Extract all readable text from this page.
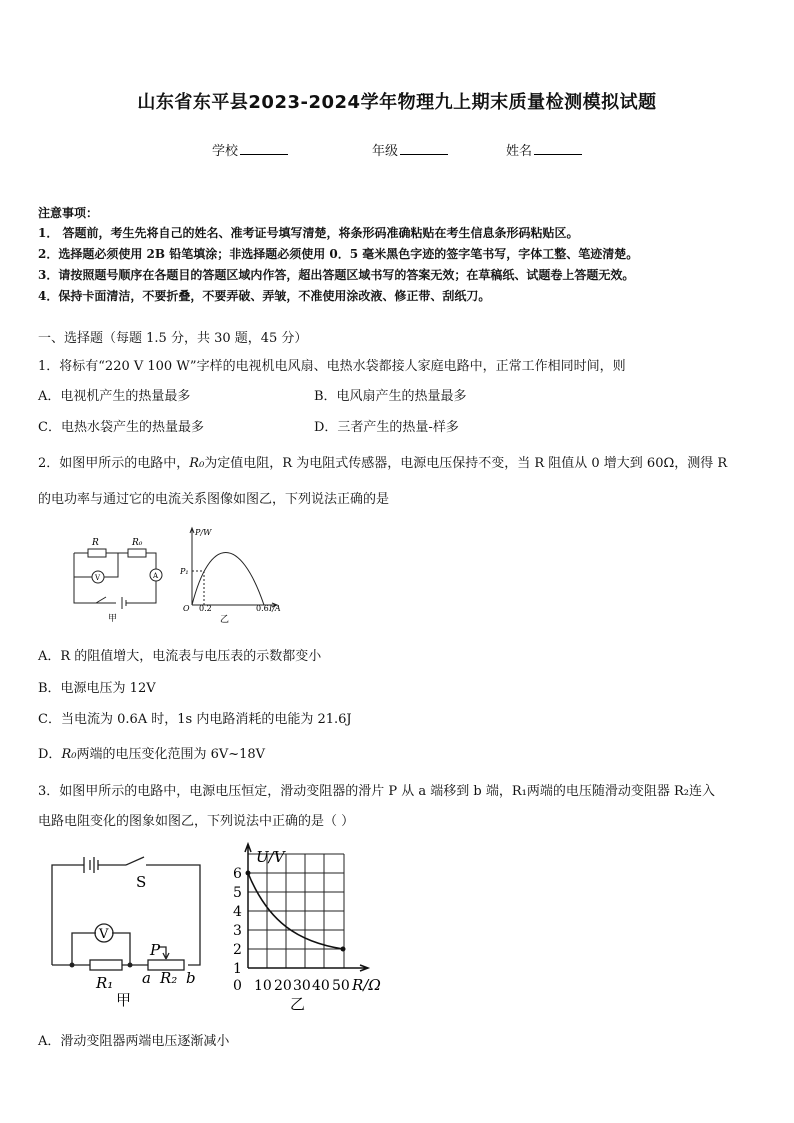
山东省东平县2023-2024学年物理九上期末质量检测模拟试题
学校	年级	姓名
注意事项：
1． 答题前，考生先将自己的姓名、准考证号填写清楚，将条形码准确粘贴在考生信息条形码粘贴区。
2．选择题必须使用 2B 铅笔填涂；非选择题必须使用 0．5 毫米黑色字迹的签字笔书写，字体工整、笔迹清楚。
3．请按照题号顺序在各题目的答题区域内作答，超出答题区域书写的答案无效；在草稿纸、试题卷上答题无效。
4．保持卡面清洁，不要折叠，不要弄破、弄皱，不准使用涂改液、修正带、刮纸刀。
一、选择题（每题 1.5 分，共 30 题，45 分）
1．将标有“220 V 100 W”字样的电视机电风扇、电热水袋都接人家庭电路中，正常工作相同时间，则
A．电视机产生的热量最多	B．电风扇产生的热量最多
C．电热水袋产生的热量最多	D．三者产生的热量-样多
2．如图甲所示的电路中，R₀为定值电阻，R 为电阻式传感器，电源电压保持不变，当 R 阻值从 0 增大到 60Ω，测得 R
的电功率与通过它的电流关系图像如图乙，下列说法正确的是
R	R₀
V	A
甲
P/W
P₁
O 0.2	0.6 I/A
乙
A．R 的阻值增大，电流表与电压表的示数都变小
B．电源电压为 12V
C．当电流为 0.6A 时，1s 内电路消耗的电能为 21.6J
D．R₀两端的电压变化范围为 6V~18V
3．如图甲所示的电路中，电源电压恒定，滑动变阻器的滑片 P 从 a 端移到 b 端，R₁两端的电压随滑动变阻器 R₂连入
电路电阻变化的图象如图乙，下列说法中正确的是（ ）
S
V
P
R₁ a R₂ b
甲
U/V
6
5
4
3
2
1
0 10 20 30 40 50 R/Ω
乙
A．滑动变阻器两端电压逐渐减小
